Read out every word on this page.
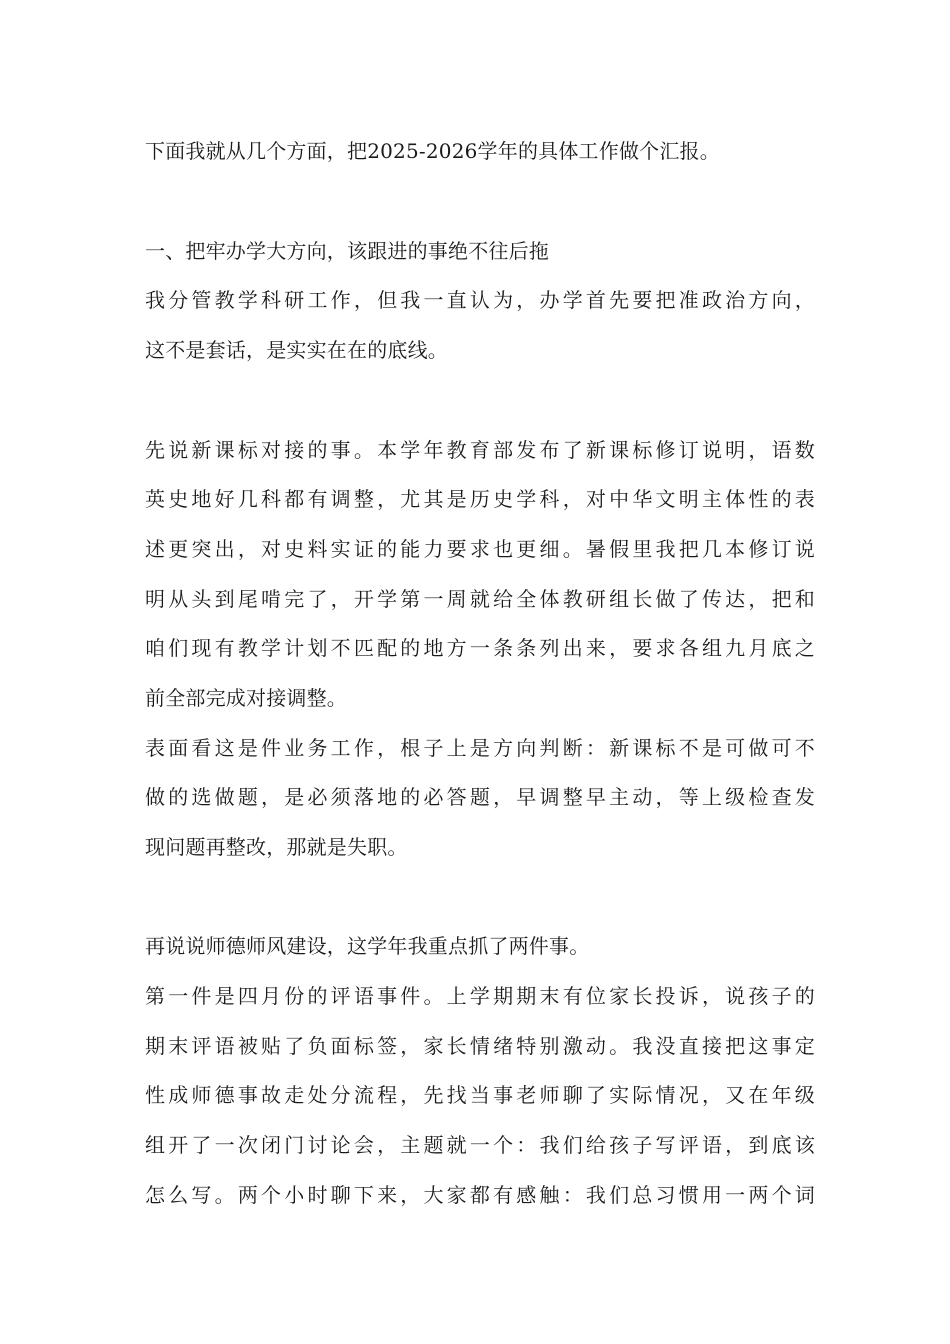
下面我就从几个方面，把2025-2026学年的具体工作做个汇报。

一、把牢办学大方向，该跟进的事绝不往后拖

我分管教学科研工作，但我一直认为，办学首先要把准政治方向，

这不是套话，是实实在在的底线。

先说新课标对接的事。本学年教育部发布了新课标修订说明，语数

英史地好几科都有调整，尤其是历史学科，对中华文明主体性的表

述更突出，对史料实证的能力要求也更细。暑假里我把几本修订说

明从头到尾啃完了，开学第一周就给全体教研组长做了传达，把和

咱们现有教学计划不匹配的地方一条条列出来，要求各组九月底之

前全部完成对接调整。

表面看这是件业务工作，根子上是方向判断：新课标不是可做可不

做的选做题，是必须落地的必答题，早调整早主动，等上级检查发

现问题再整改，那就是失职。

再说说师德师风建设，这学年我重点抓了两件事。

第一件是四月份的评语事件。上学期期末有位家长投诉，说孩子的

期末评语被贴了负面标签，家长情绪特别激动。我没直接把这事定

性成师德事故走处分流程，先找当事老师聊了实际情况，又在年级

组开了一次闭门讨论会，主题就一个：我们给孩子写评语，到底该

怎么写。两个小时聊下来，大家都有感触：我们总习惯用一两个词
